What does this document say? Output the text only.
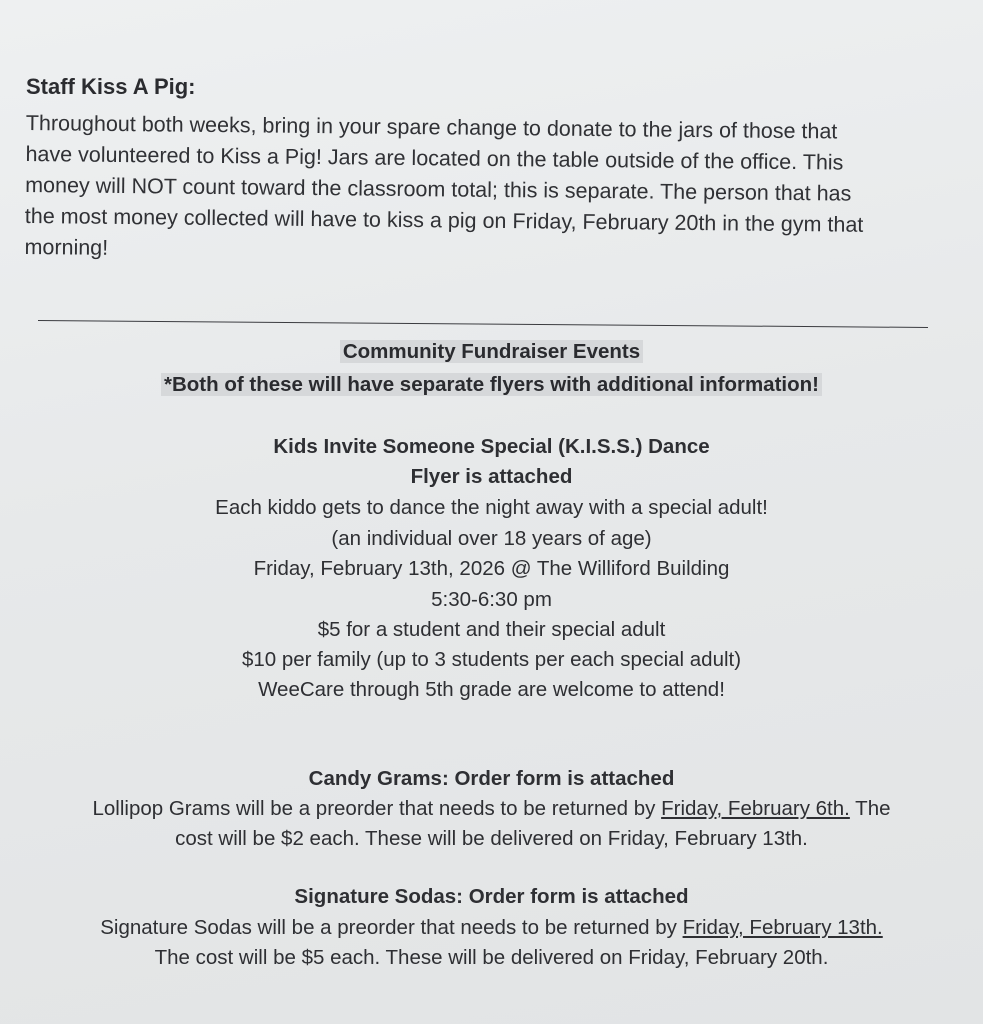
Staff Kiss A Pig:

Throughout both weeks, bring in your spare change to donate to the jars of those that
have volunteered to Kiss a Pig! Jars are located on the table outside of the office. This
money will NOT count toward the classroom total; this is separate. The person that has
the most money collected will have to kiss a pig on Friday, February 20th in the gym that
morning!

Community Fundraiser Events

*Both of these will have separate flyers with additional information!

Kids Invite Someone Special (K.I.S.S.) Dance

Flyer is attached

Each kiddo gets to dance the night away with a special adult!

(an individual over 18 years of age)

Friday, February 13th, 2026 @ The Williford Building

5:30-6:30 pm

$5 for a student and their special adult

$10 per family (up to 3 students per each special adult)

WeeCare through 5th grade are welcome to attend!

Candy Grams: Order form is attached

Lollipop Grams will be a preorder that needs to be returned by Friday, February 6th. The

cost will be $2 each. These will be delivered on Friday, February 13th.

Signature Sodas: Order form is attached

Signature Sodas will be a preorder that needs to be returned by Friday, February 13th.

The cost will be $5 each. These will be delivered on Friday, February 20th.
